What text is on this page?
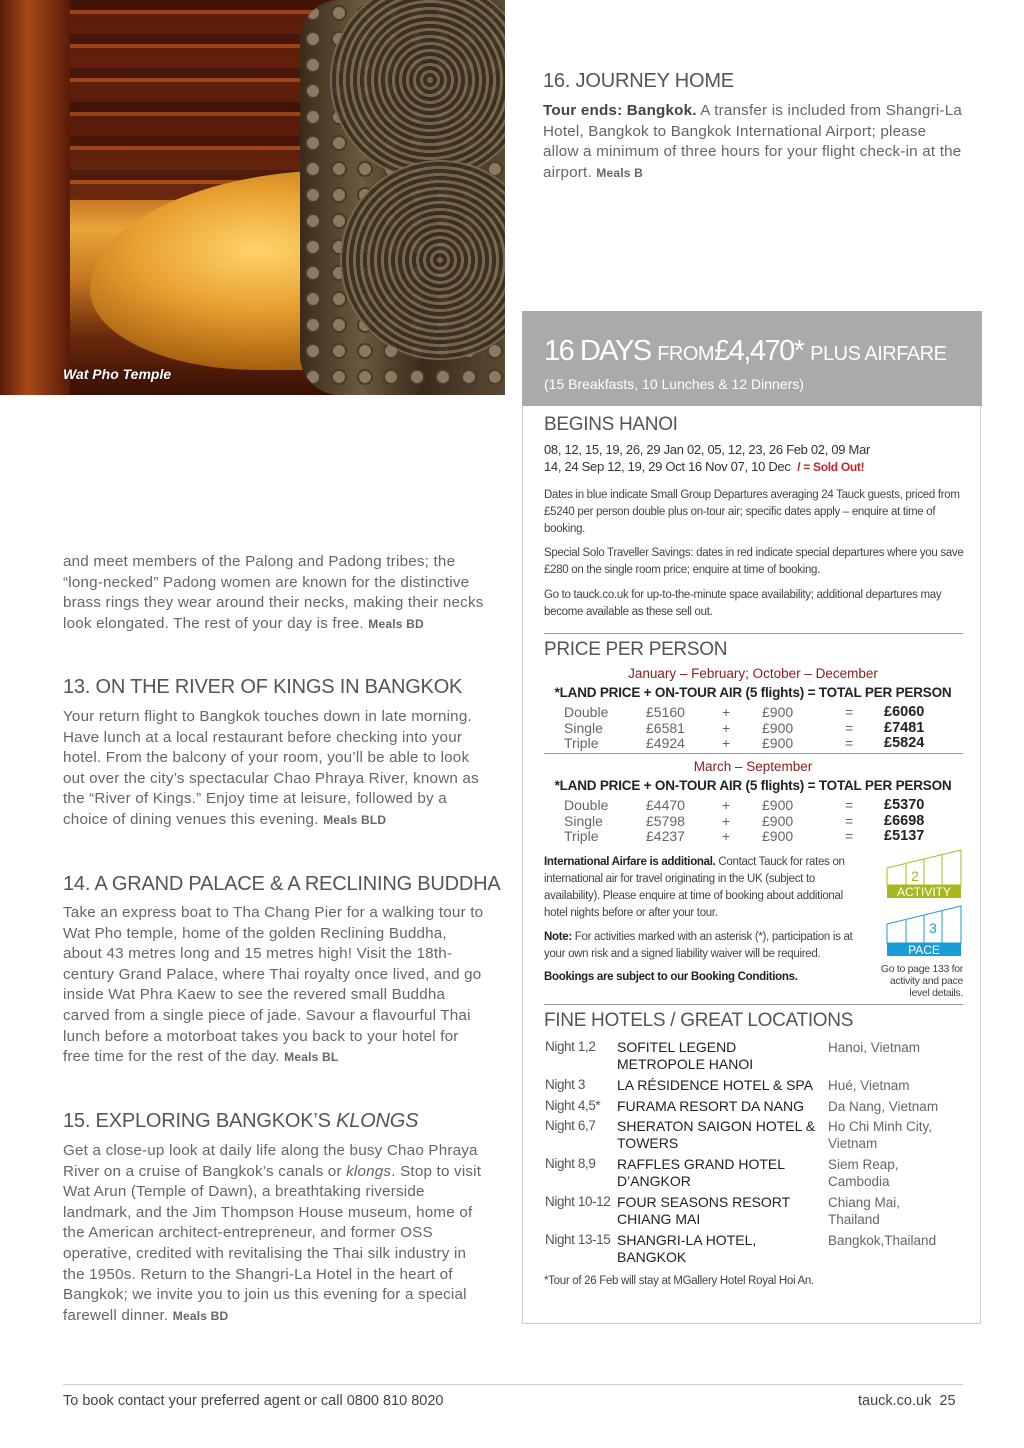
Wat Pho Temple
and meet members of the Palong and Padong tribes; the “long-necked” Padong women are known for the distinctive brass rings they wear around their necks, making their necks look elongated. The rest of your day is free. Meals BD
13. ON THE RIVER OF KINGS IN BANGKOK
Your return flight to Bangkok touches down in late morning. Have lunch at a local restaurant before checking into your hotel. From the balcony of your room, you’ll be able to look out over the city’s spectacular Chao Phraya River, known as the “River of Kings.” Enjoy time at leisure, followed by a choice of dining venues this evening. Meals BLD
14. A GRAND PALACE & A RECLINING BUDDHA
Take an express boat to Tha Chang Pier for a walking tour to Wat Pho temple, home of the golden Reclining Buddha, about 43 metres long and 15 metres high! Visit the 18th-century Grand Palace, where Thai royalty once lived, and go inside Wat Phra Kaew to see the revered small Buddha carved from a single piece of jade. Savour a flavourful Thai lunch before a motorboat takes you back to your hotel for free time for the rest of the day. Meals BL
15. EXPLORING BANGKOK’S KLONGS
Get a close-up look at daily life along the busy Chao Phraya River on a cruise of Bangkok’s canals or klongs. Stop to visit Wat Arun (Temple of Dawn), a breathtaking riverside landmark, and the Jim Thompson House museum, home of the American architect-entrepreneur, and former OSS operative, credited with revitalising the Thai silk industry in the 1950s. Return to the Shangri-La Hotel in the heart of Bangkok; we invite you to join us this evening for a special farewell dinner. Meals BD
16. JOURNEY HOME
Tour ends: Bangkok. A transfer is included from Shangri-La Hotel, Bangkok to Bangkok International Airport; please allow a minimum of three hours for your flight check-in at the airport. Meals B
16 DAYS FROM£4,470* PLUS AIRFARE
(15 Breakfasts, 10 Lunches & 12 Dinners)
BEGINS HANOI
08, 12, 15, 19, 26, 29 Jan 02, 05, 12, 23, 26 Feb 02, 09 Mar
14, 24 Sep 12, 19, 29 Oct 16 Nov 07, 10 Dec / = Sold Out!
Dates in blue indicate Small Group Departures averaging 24 Tauck guests, priced from £5240 per person double plus on-tour air; specific dates apply – enquire at time of booking.
Special Solo Traveller Savings: dates in red indicate special departures where you save £280 on the single room price; enquire at time of booking.
Go to tauck.co.uk for up-to-the-minute space availability; additional departures may become available as these sell out.
PRICE PER PERSON
January – February; October – December
*LAND PRICE + ON-TOUR AIR (5 flights) = TOTAL PER PERSON
Double	£5160	+ £900	= £6060
Single	£6581	+ £900	= £7481
Triple	£4924	+ £900	= £5824
March – September
*LAND PRICE + ON-TOUR AIR (5 flights) = TOTAL PER PERSON
Double	£4470	+ £900	= £5370
Single	£5798	+ £900	= £6698
Triple	£4237	+ £900	= £5137
International Airfare is additional. Contact Tauck for rates on international air for travel originating in the UK (subject to availability). Please enquire at time of booking about additional hotel nights before or after your tour.
Note: For activities marked with an asterisk (*), participation is at your own risk and a signed liability waiver will be required.
Bookings are subject to our Booking Conditions.
2
ACTIVITY
3
PACE
Go to page 133 for activity and pace level details.
FINE HOTELS / GREAT LOCATIONS
Night 1,2 SOFITEL LEGEND METROPOLE HANOI
Hanoi, Vietnam
Night 3 LA RÉSIDENCE HOTEL & SPA	Hué, Vietnam
Night 4,5* FURAMA RESORT DA NANG	Da Nang, Vietnam
Night 6,7 SHERATON SAIGON HOTEL & TOWERS
Ho Chi Minh City, Vietnam
Night 8,9 RAFFLES GRAND HOTEL D’ANGKOR
Siem Reap, Cambodia
Night 10-12 FOUR SEASONS RESORT CHIANG MAI
Chiang Mai, Thailand
Night 13-15 SHANGRI-LA HOTEL, BANGKOK
Bangkok,Thailand
*Tour of 26 Feb will stay at MGallery Hotel Royal Hoi An.
To book contact your preferred agent or call 0800 810 8020	tauck.co.uk 25
